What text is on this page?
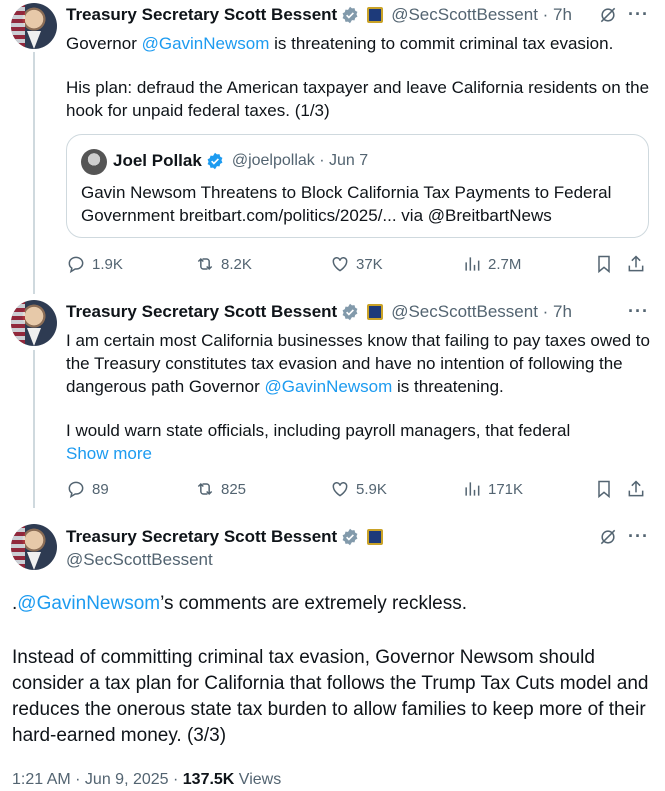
Treasury Secretary Scott Bessent	@SecScottBessent · 7h	···
Governor @GavinNewsom is threatening to commit criminal tax evasion.
His plan: defraud the American taxpayer and leave California residents on the hook for unpaid federal taxes. (1/3)
Joel Pollak @joelpollak · Jun 7
Gavin Newsom Threatens to Block California Tax Payments to Federal Government breitbart.com/politics/2025/... via @BreitbartNews
1.9K	8.2K	37K	2.7M
Treasury Secretary Scott Bessent	@SecScottBessent · 7h	···
I am certain most California businesses know that failing to pay taxes owed to the Treasury constitutes tax evasion and have no intention of following the dangerous path Governor @GavinNewsom is threatening.
I would warn state officials, including payroll managers, that federal
Show more
89	825	5.9K	171K
Treasury Secretary Scott Bessent
@SecScottBessent
···
.@GavinNewsom’s comments are extremely reckless.
Instead of committing criminal tax evasion, Governor Newsom should consider a tax plan for California that follows the Trump Tax Cuts model and reduces the onerous state tax burden to allow families to keep more of their hard-earned money. (3/3)
1:21 AM · Jun 9, 2025 · 137.5K Views
